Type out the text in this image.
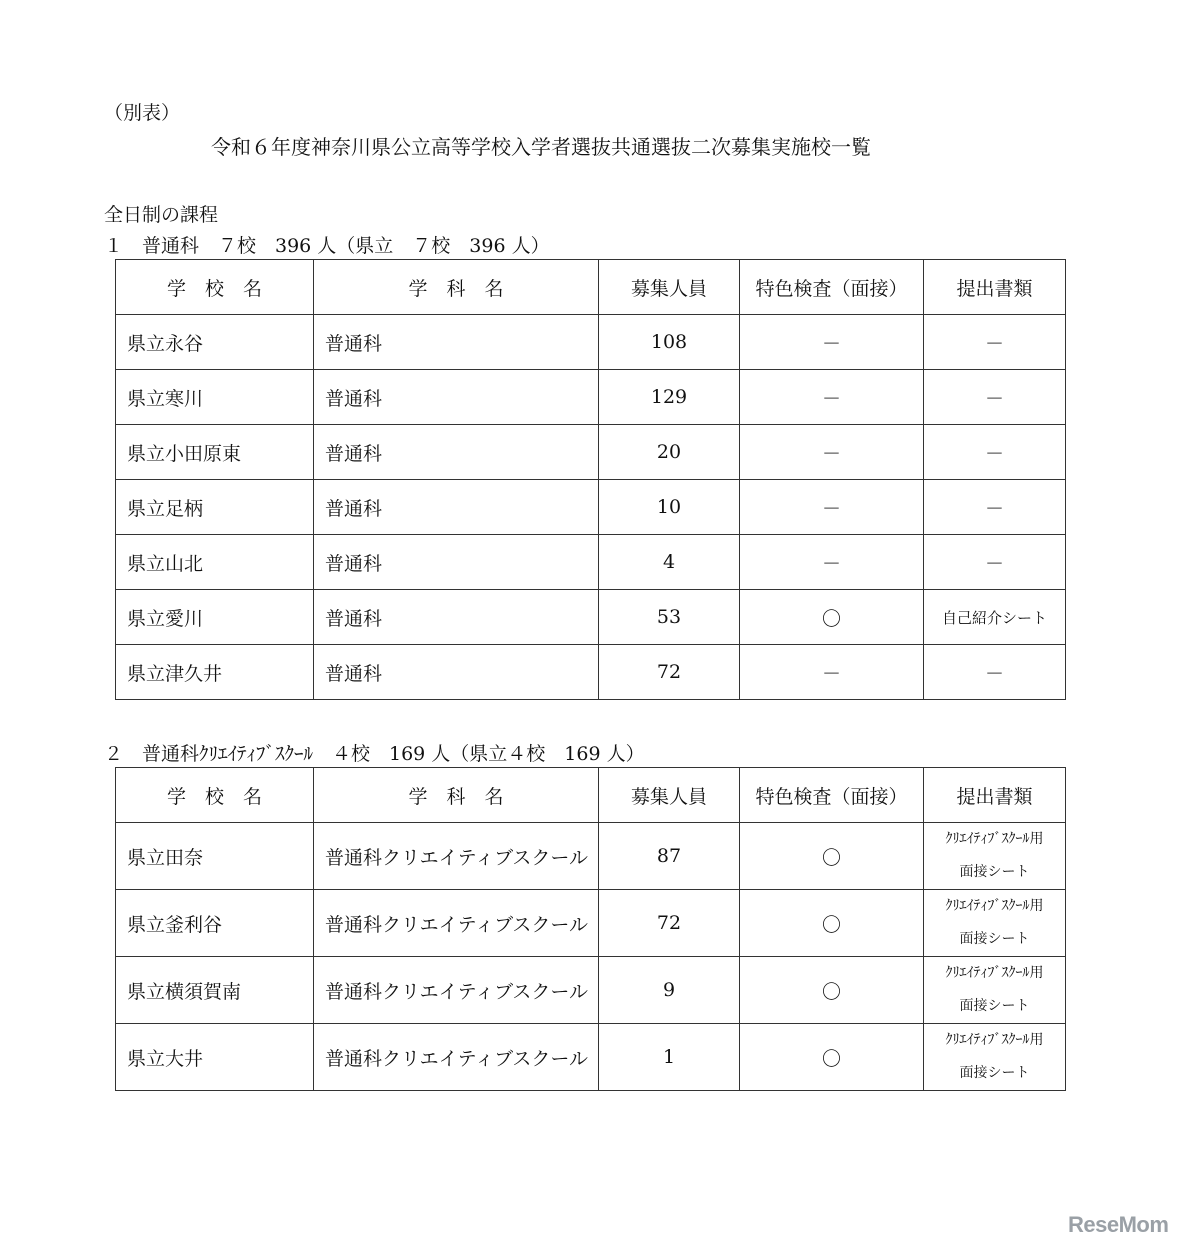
（別表）
令和６年度神奈川県公立高等学校入学者選抜共通選抜二次募集実施校一覧
全日制の課程
１　普通科　７校　396 人（県立　７校　396 人）
学　校　名	学　科　名	募集人員	特色検査（面接）	提出書類
県立永谷	普通科	108	－	－
県立寒川	普通科	129	－	－
県立小田原東	普通科	20	－	－
県立足柄	普通科	10	－	－
県立山北	普通科	4	－	－
県立愛川	普通科	53	〇	自己紹介シート
県立津久井	普通科	72	－	－
２　普通科ｸﾘｴｲﾃｨﾌﾞｽｸｰﾙ　４校　169 人（県立４校　169 人）
学　校　名	学　科　名	募集人員	特色検査（面接）	提出書類
県立田奈	普通科クリエイティブスクール	87	〇	ｸﾘｴｲﾃｨﾌﾞｽｸｰﾙ用
面接シート

県立釜利谷	普通科クリエイティブスクール	72	〇	ｸﾘｴｲﾃｨﾌﾞｽｸｰﾙ用
面接シート

県立横須賀南	普通科クリエイティブスクール	9	〇	ｸﾘｴｲﾃｨﾌﾞｽｸｰﾙ用
面接シート

県立大井	普通科クリエイティブスクール	1	〇	ｸﾘｴｲﾃｨﾌﾞｽｸｰﾙ用
面接シート
ReseMom
